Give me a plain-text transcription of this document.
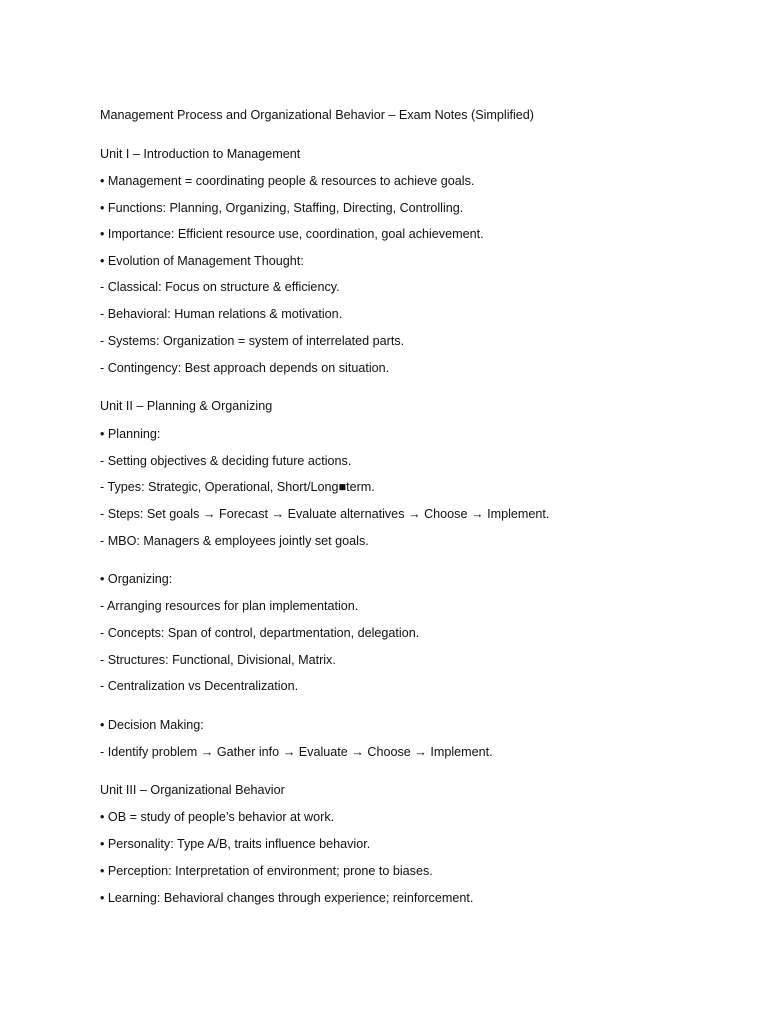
Management Process and Organizational Behavior – Exam Notes (Simplified)
Unit I – Introduction to Management
• Management = coordinating people & resources to achieve goals.
• Functions: Planning, Organizing, Staffing, Directing, Controlling.
• Importance: Efficient resource use, coordination, goal achievement.
• Evolution of Management Thought:
- Classical: Focus on structure & efficiency.
- Behavioral: Human relations & motivation.
- Systems: Organization = system of interrelated parts.
- Contingency: Best approach depends on situation.
Unit II – Planning & Organizing
• Planning:
- Setting objectives & deciding future actions.
- Types: Strategic, Operational, Short/Long■term.
- Steps: Set goals → Forecast → Evaluate alternatives → Choose → Implement.
- MBO: Managers & employees jointly set goals.
• Organizing:
- Arranging resources for plan implementation.
- Concepts: Span of control, departmentation, delegation.
- Structures: Functional, Divisional, Matrix.
- Centralization vs Decentralization.
• Decision Making:
- Identify problem → Gather info → Evaluate → Choose → Implement.
Unit III – Organizational Behavior
• OB = study of people’s behavior at work.
• Personality: Type A/B, traits influence behavior.
• Perception: Interpretation of environment; prone to biases.
• Learning: Behavioral changes through experience; reinforcement.
